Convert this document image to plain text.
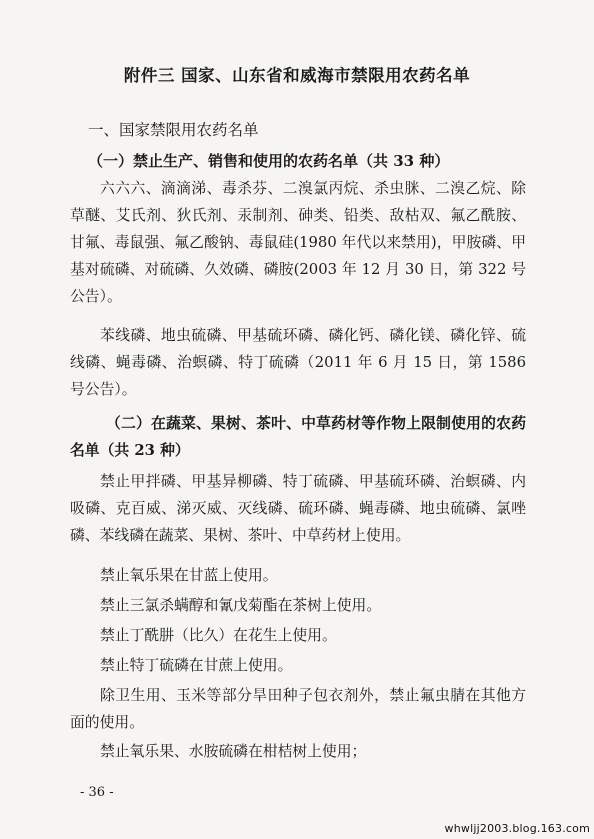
附件三 国家、山东省和威海市禁限用农药名单
一、国家禁限用农药名单
（一）禁止生产、销售和使用的农药名单（共 33 种）
六六六、滴滴涕、毒杀芬、二溴氯丙烷、杀虫脒、二溴乙烷、除草醚、艾氏剂、狄氏剂、汞制剂、砷类、铅类、敌枯双、氟乙酰胺、甘氟、毒鼠强、氟乙酸钠、毒鼠硅(1980 年代以来禁用)，甲胺磷、甲基对硫磷、对硫磷、久效磷、磷胺(2003 年 12 月 30 日，第 322 号公告）。
苯线磷、地虫硫磷、甲基硫环磷、磷化钙、磷化镁、磷化锌、硫线磷、蝇毒磷、治螟磷、特丁硫磷（2011 年 6 月 15 日，第 1586 号公告）。
（二）在蔬菜、果树、茶叶、中草药材等作物上限制使用的农药名单（共 23 种）
禁止甲拌磷、甲基异柳磷、特丁硫磷、甲基硫环磷、治螟磷、内吸磷、克百威、涕灭威、灭线磷、硫环磷、蝇毒磷、地虫硫磷、氯唑磷、苯线磷在蔬菜、果树、茶叶、中草药材上使用。
禁止氧乐果在甘蓝上使用。
禁止三氯杀螨醇和氰戊菊酯在茶树上使用。
禁止丁酰肼（比久）在花生上使用。
禁止特丁硫磷在甘蔗上使用。
除卫生用、玉米等部分旱田种子包衣剂外，禁止氟虫腈在其他方面的使用。
禁止氧乐果、水胺硫磷在柑桔树上使用；
- 36 -
whwljj2003.blog.163.com
